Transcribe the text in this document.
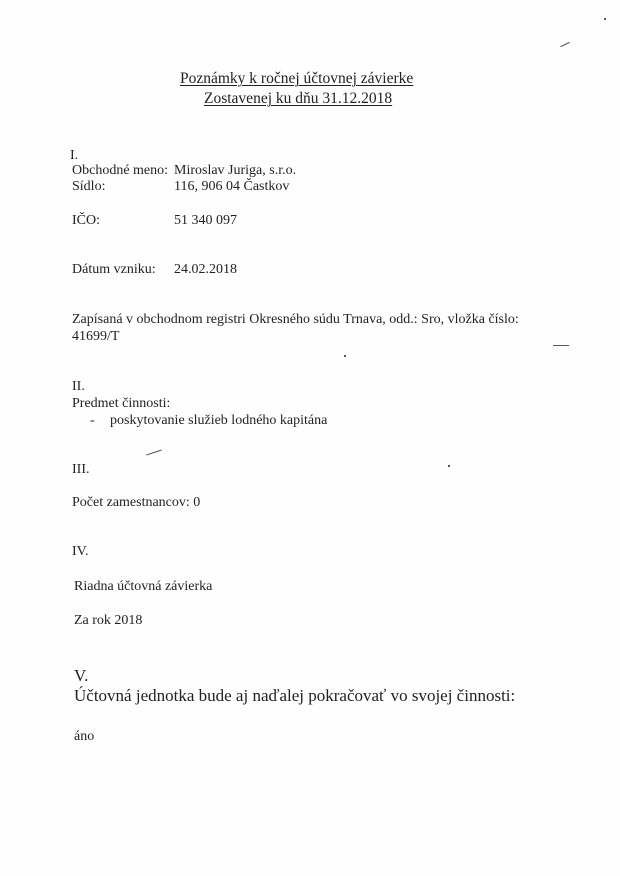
Poznámky k ročnej účtovnej závierke
Zostavenej ku dňu 31.12.2018
I.
Obchodné meno: Miroslav Juriga, s.r.o.
Sídlo:	116, 906 04 Častkov
IČO:	51 340 097
Dátum vzniku: 24.02.2018
Zapísaná v obchodnom registri Okresného súdu Trnava, odd.: Sro, vložka číslo:
41699/T
II.
Predmet činnosti:
- poskytovanie služieb lodného kapitána
III.
Počet zamestnancov: 0
IV.
Riadna účtovná závierka
Za rok 2018
V.
Účtovná jednotka bude aj naďalej pokračovať vo svojej činnosti:
áno
